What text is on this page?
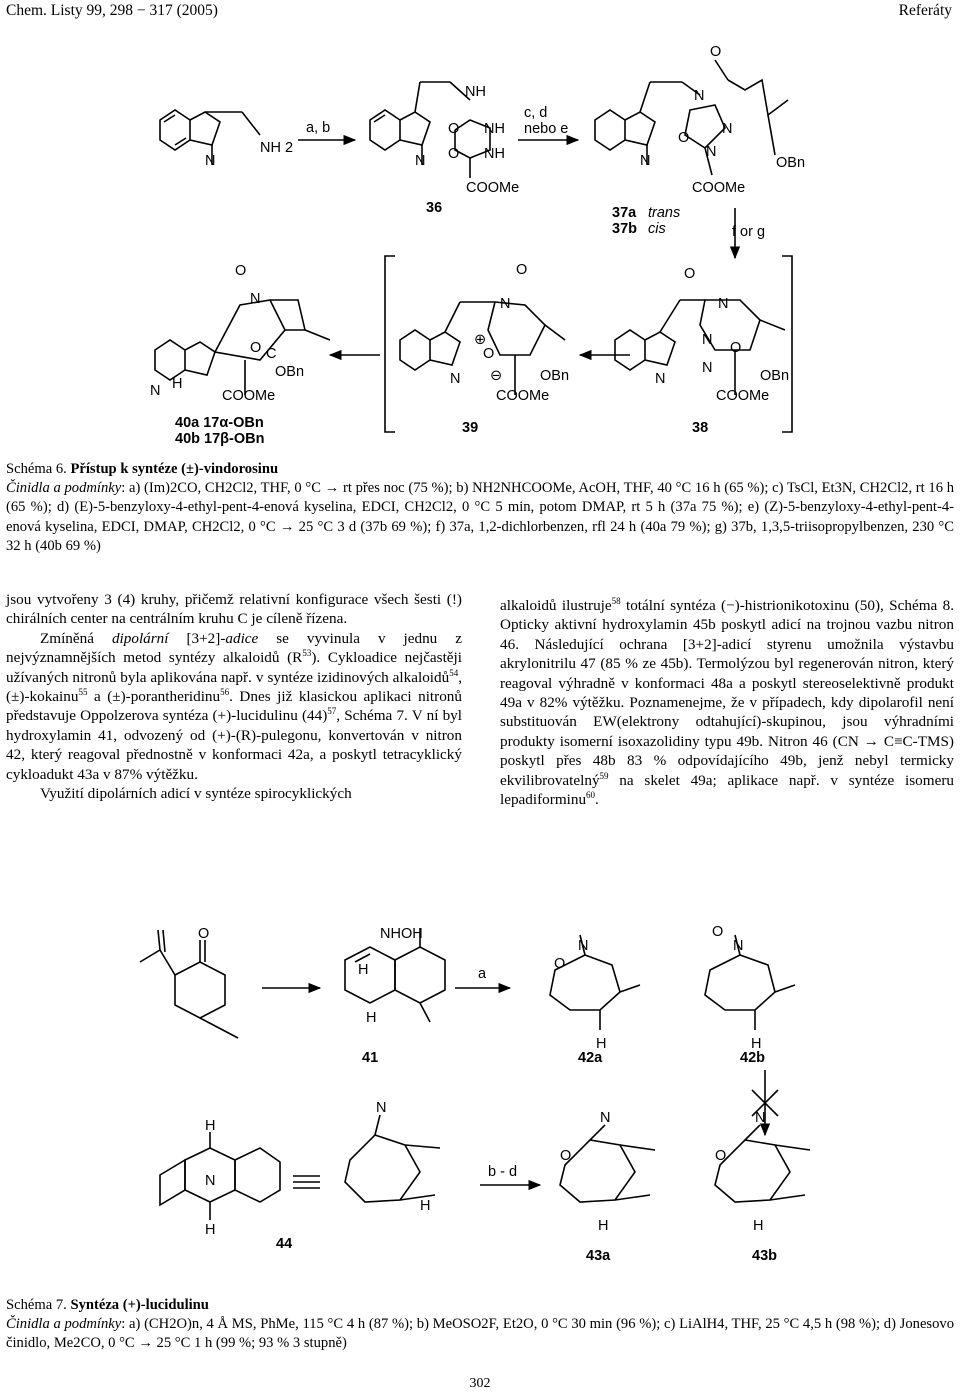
Chem. Listy 99, 298 − 317 (2005)	Referáty
NH 2
N
a, b
N
NH
O NH
O NH
COOMe
36
c, d
nebo e
N
O
N
O
N
N
OBn
COOMe
37a trans
37b cis	f or g
N H
O
N
O C
OBn
COOMe
40a 17α-OBn
40b 17β-OBn
N
O
N
⊕
O
⊖	OBn
COOMe
39
N
O
N
N
N
O
OBn
COOMe
38
Schéma 6. Přístup k syntéze (±)-vindorosinu
Činidla a podmínky: a) (Im)2CO, CH2Cl2, THF, 0 °C → rt přes noc (75 %); b) NH2NHCOOMe, AcOH, THF, 40 °C 16 h (65 %); c) TsCl, Et3N, CH2Cl2, rt 16 h (65 %); d) (E)-5-benzyloxy-4-ethyl-pent-4-enová kyselina, EDCI, CH2Cl2, 0 °C 5 min, potom DMAP, rt 5 h (37a 75 %); e) (Z)-5-benzyloxy-4-ethyl-pent-4-enová kyselina, EDCI, DMAP, CH2Cl2, 0 °C → 25 °C 3 d (37b 69 %); f) 37a, 1,2-dichlorbenzen, rfl 24 h (40a 79 %); g) 37b, 1,3,5-triisopropylbenzen, 230 °C 32 h (40b 69 %)

jsou vytvořeny 3 (4) kruhy, přičemž relativní konfigurace všech šesti (!) chirálních center na centrálním kruhu C je cíleně řízena.

Zmíněná dipolární [3+2]-adice se vyvinula v jednu z nejvýznamnějších metod syntézy alkaloidů $(R^{53})$. Cykloadice nejčastěji užívaných nitronů byla aplikována např. v syntéze izidinových alkaloidů$^{54}$, (±)-kokainu$^{55}$ a (±)-porantheridinu$^{56}$. Dnes již klasickou aplikaci nitronů představuje Oppolzerova syntéza (+)-lucidulinu $(44)^{57}$, Schéma 7. V ní byl hydroxylamin 41, odvozený od (+)-(R)-pulegonu, konvertován v nitron 42, který reagoval přednostně v konformaci 42a, a poskytl tetracyklický cykloadukt 43a v 87% výtěžku.

Využití dipolárních adicí v syntéze spirocyklických

alkaloidů ilustruje$^{58}$ totální syntéza (−)-histrionikotoxinu (50), Schéma 8. Opticky aktivní hydroxylamin 45b poskytl adicí na trojnou vazbu nitron 46. Následující ochrana [3+2]-adicí styrenu umožnila výstavbu akrylonitrilu 47 (85 % ze 45b). Termolýzou byl regenerován nitron, který reagoval výhradně v konformaci 48a a poskytl stereoselektivně produkt 49a v 82% výtěžku. Poznamenejme, že v případech, kdy dipolarofil není substituován EW(elektrony odtahující)-skupinou, jsou výhradními produkty isomerní isoxazolidiny typu 49b. Nitron 46 (CN → C≡C-TMS) poskytl přes 48b 83 % odpovídajícího 49b, jenž nebyl termicky ekvilibrovatelný$^{59}$ na skelet 49a; aplikace např. v syntéze isomeru lepadiforminu$^{60}$.

O	NHOH
H
H
41
a
N
O
H
42a
N
O
H
42b
H
N
H
44
N
H
b - d
N
O
H
43a
N
O
H
43b
Schéma 7. Syntéza (+)-lucidulinu
Činidla a podmínky: a) (CH2O)n, 4 Å MS, PhMe, 115 °C 4 h (87 %); b) MeOSO2F, Et2O, 0 °C 30 min (96 %); c) LiAlH4, THF, 25 °C 4,5 h (98 %); d) Jonesovo činidlo, Me2CO, 0 °C → 25 °C 1 h (99 %; 93 % 3 stupně)
302
